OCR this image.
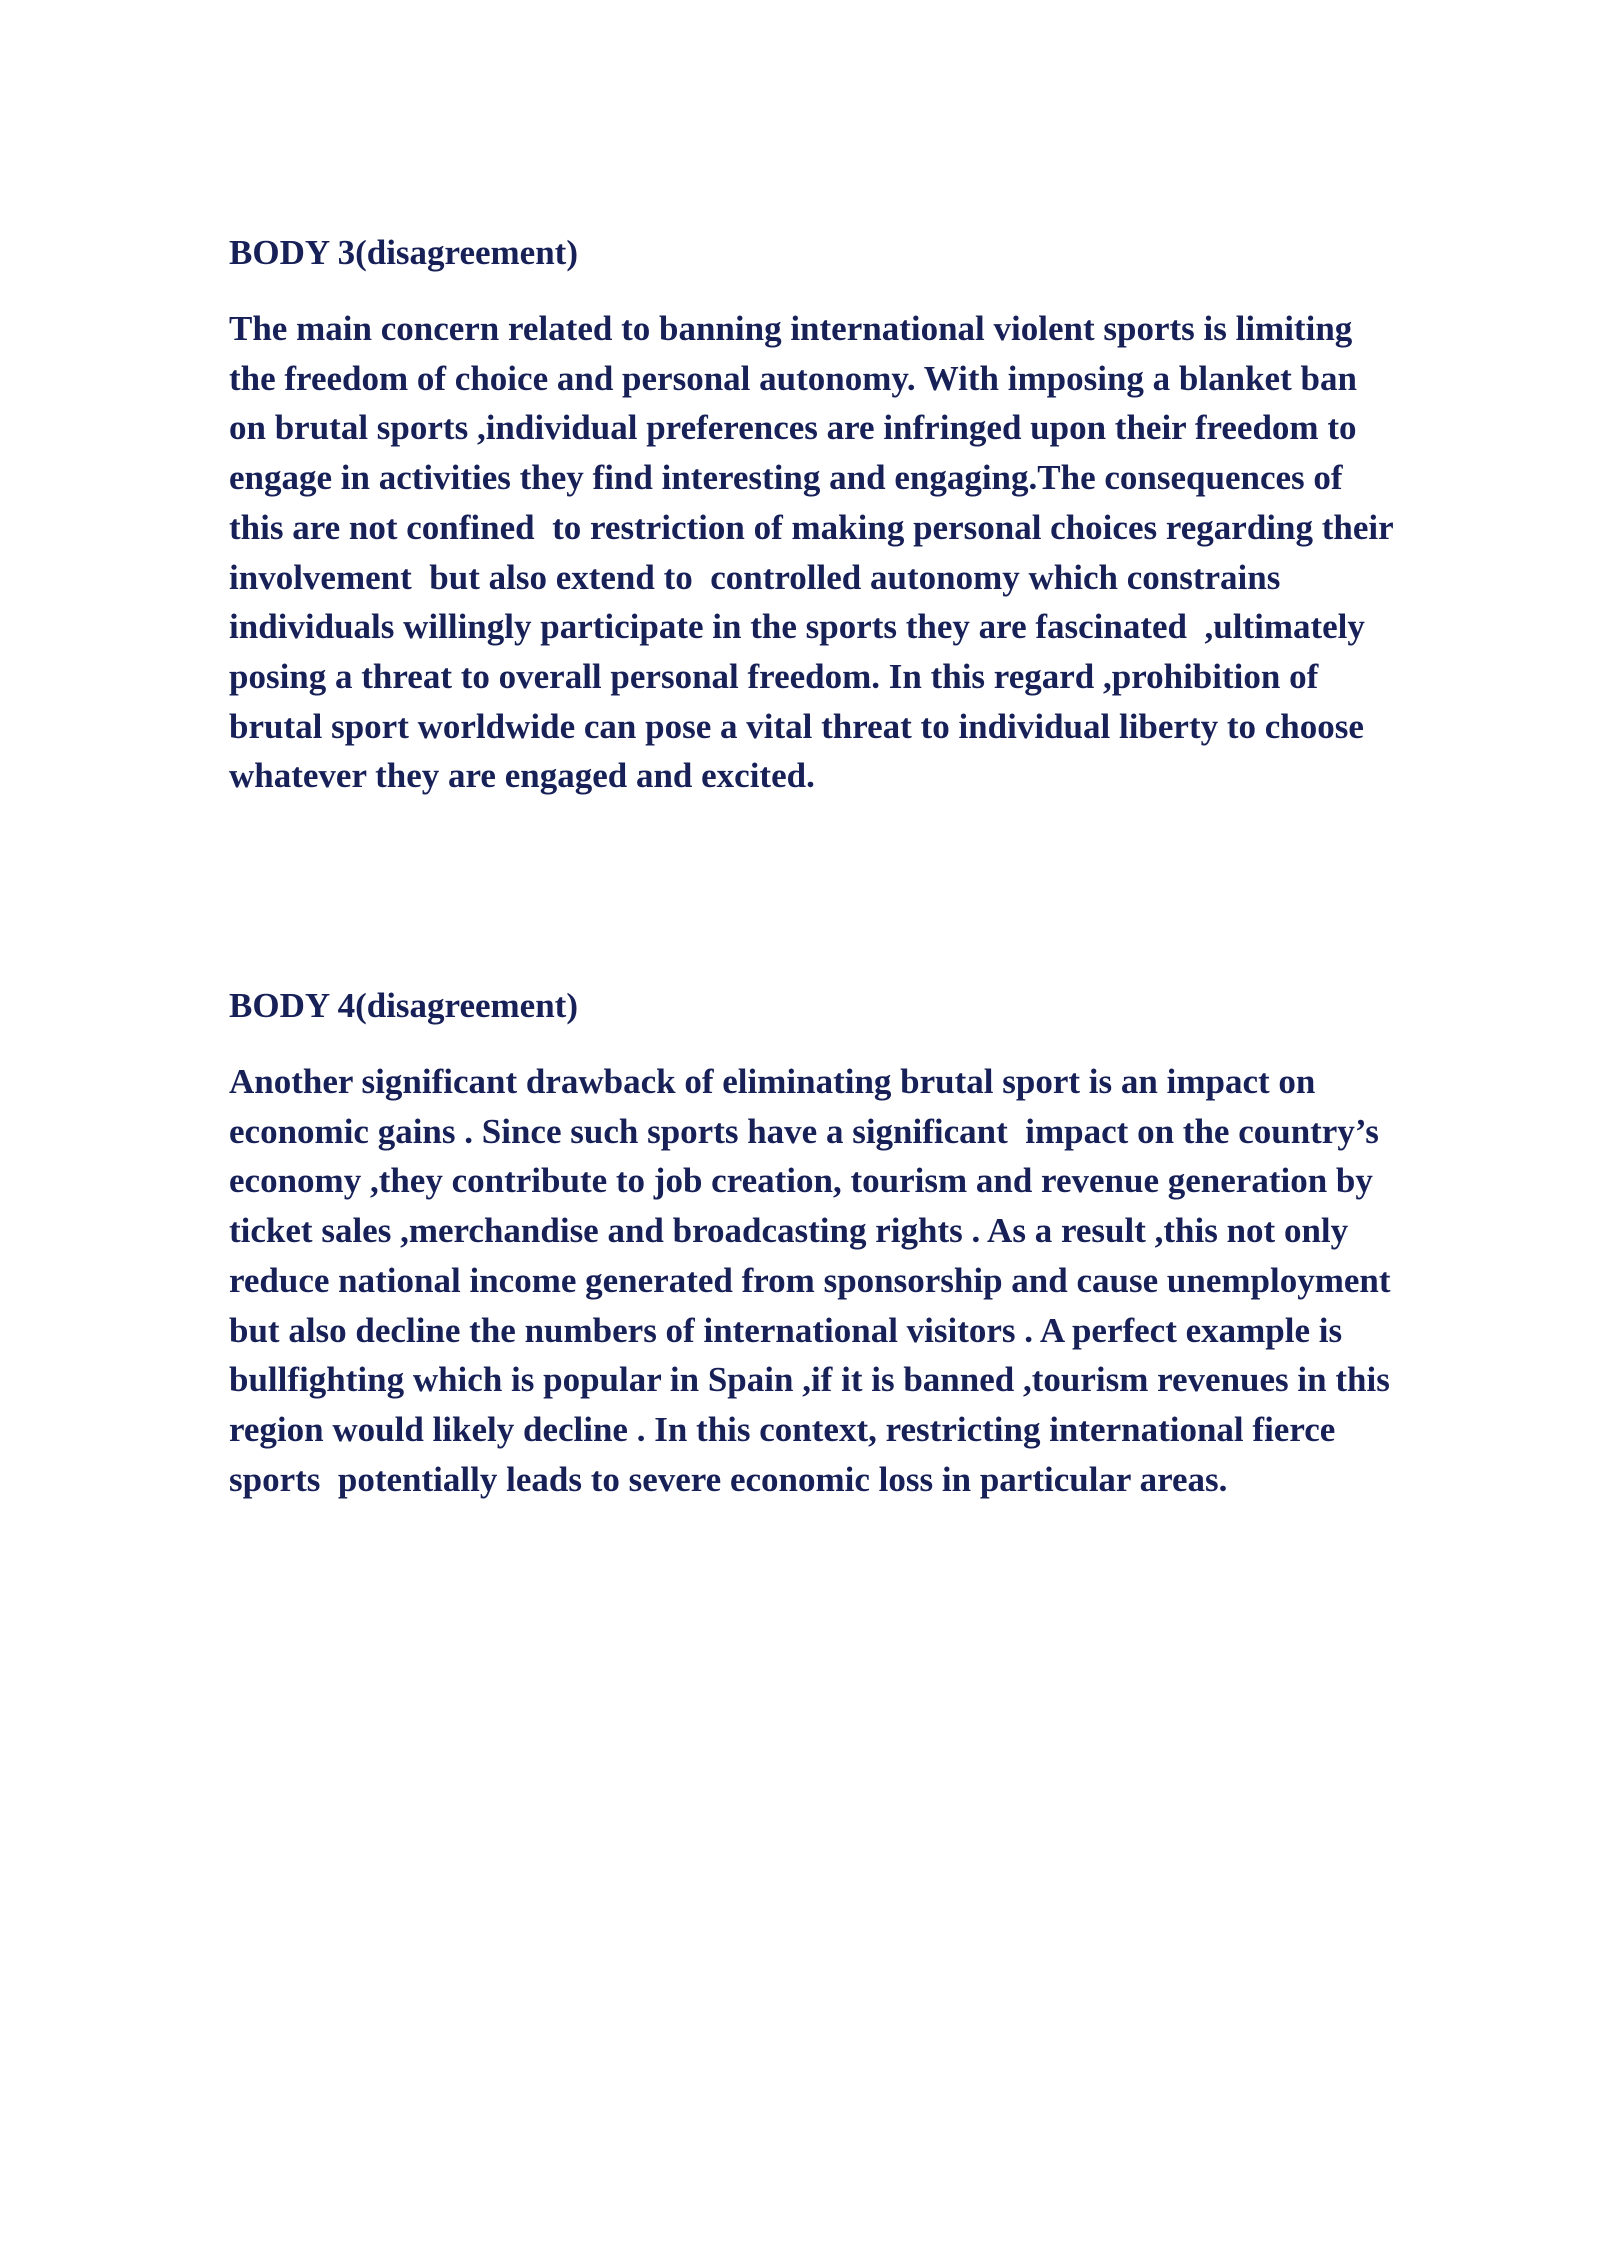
BODY 3(disagreement)

The main concern related to banning international violent sports is limiting
the freedom of choice and personal autonomy. With imposing a blanket ban
on brutal sports ,individual preferences are infringed upon their freedom to
engage in activities they find interesting and engaging.The consequences of
this are not confined  to restriction of making personal choices regarding their
involvement  but also extend to  controlled autonomy which constrains
individuals willingly participate in the sports they are fascinated  ,ultimately
posing a threat to overall personal freedom. In this regard ,prohibition of
brutal sport worldwide can pose a vital threat to individual liberty to choose
whatever they are engaged and excited.

BODY 4(disagreement)

Another significant drawback of eliminating brutal sport is an impact on
economic gains . Since such sports have a significant  impact on the country’s
economy ,they contribute to job creation, tourism and revenue generation by
ticket sales ,merchandise and broadcasting rights . As a result ,this not only
reduce national income generated from sponsorship and cause unemployment
but also decline the numbers of international visitors . A perfect example is
bullfighting which is popular in Spain ,if it is banned ,tourism revenues in this
region would likely decline . In this context, restricting international fierce
sports  potentially leads to severe economic loss in particular areas.
